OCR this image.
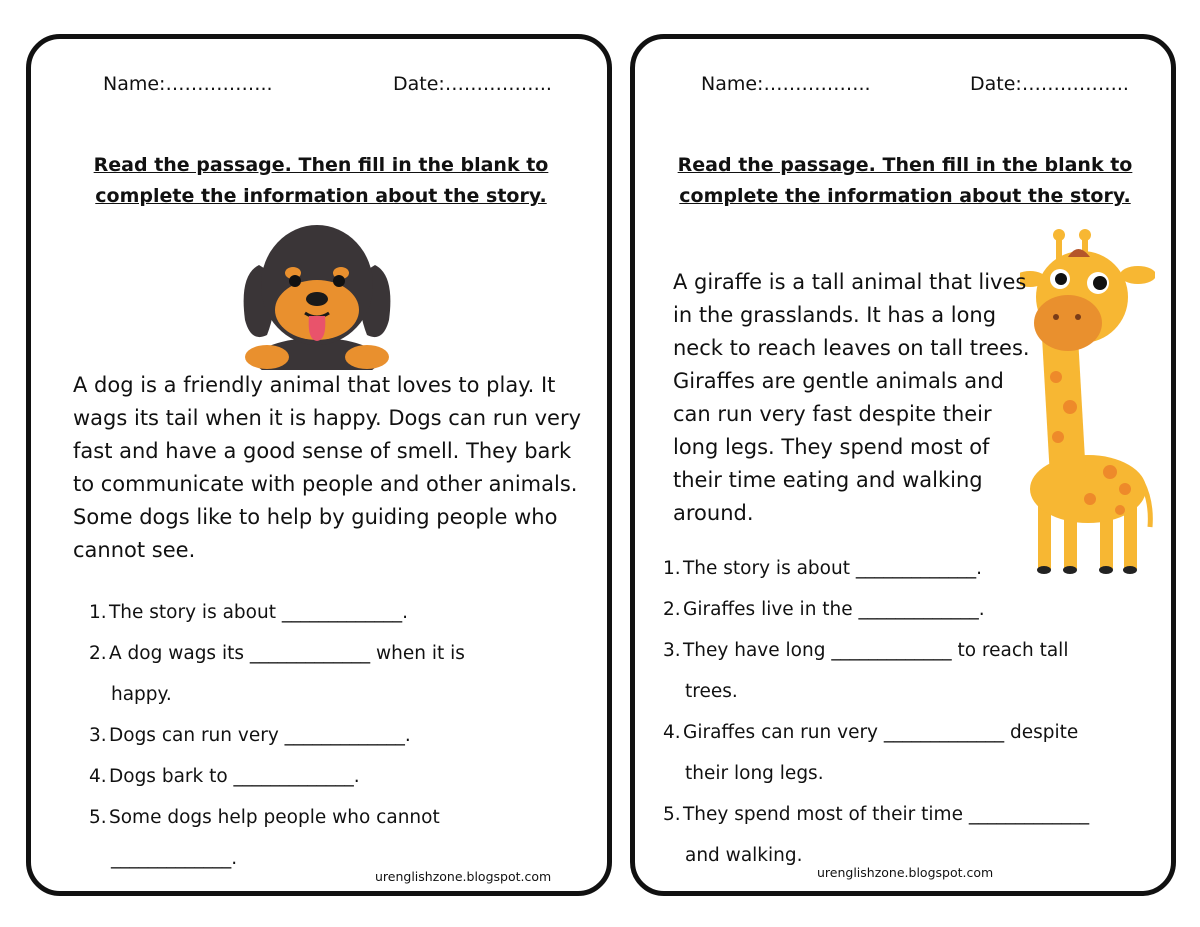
Name:……………..	Date:……………..
Read the passage. Then fill in the blank to
complete the information about the story.
A dog is a friendly animal that loves to play. It wags its tail when it is happy. Dogs can run very fast and have a good sense of smell. They bark to communicate with people and other animals. Some dogs like to help by guiding people who cannot see.
1. The story is about _____________.
2. A dog wags its _____________ when it is
happy.
3. Dogs can run very _____________.
4. Dogs bark to _____________.
5. Some dogs help people who cannot
_____________.
urenglishzone.blogspot.com
Name:……………..	Date:……………..
Read the passage. Then fill in the blank to
complete the information about the story.
A giraffe is a tall animal that lives in the grasslands. It has a long neck to reach leaves on tall trees. Giraffes are gentle animals and can run very fast despite their long legs. They spend most of their time eating and walking around.
1. The story is about _____________.
2. Giraffes live in the _____________.
3. They have long _____________ to reach tall
trees.
4. Giraffes can run very _____________ despite
their long legs.
5. They spend most of their time _____________
and walking.
urenglishzone.blogspot.com
